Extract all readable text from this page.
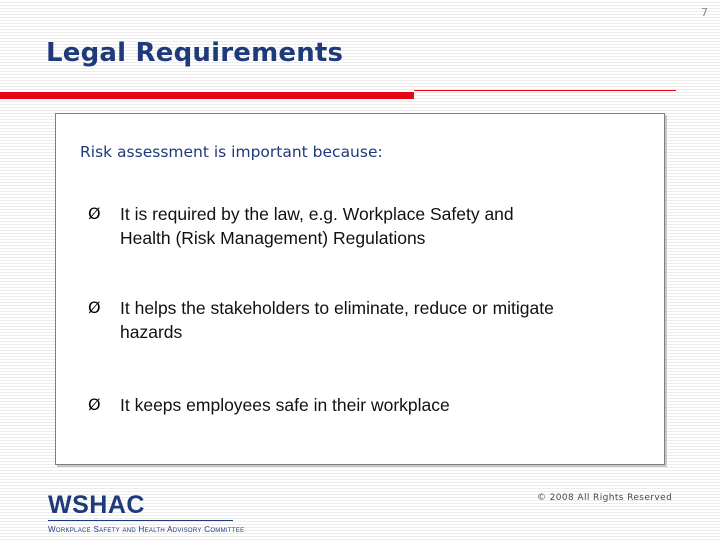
7
Legal Requirements
Risk assessment is important because:
Ø	It is required by the law, e.g. Workplace Safety and Health (Risk Management) Regulations
Ø	It helps the stakeholders to eliminate, reduce or mitigate hazards
Ø	It keeps employees safe in their workplace
WSHAC
Workplace Safety and Health Advisory Committee
© 2008 All Rights Reserved
